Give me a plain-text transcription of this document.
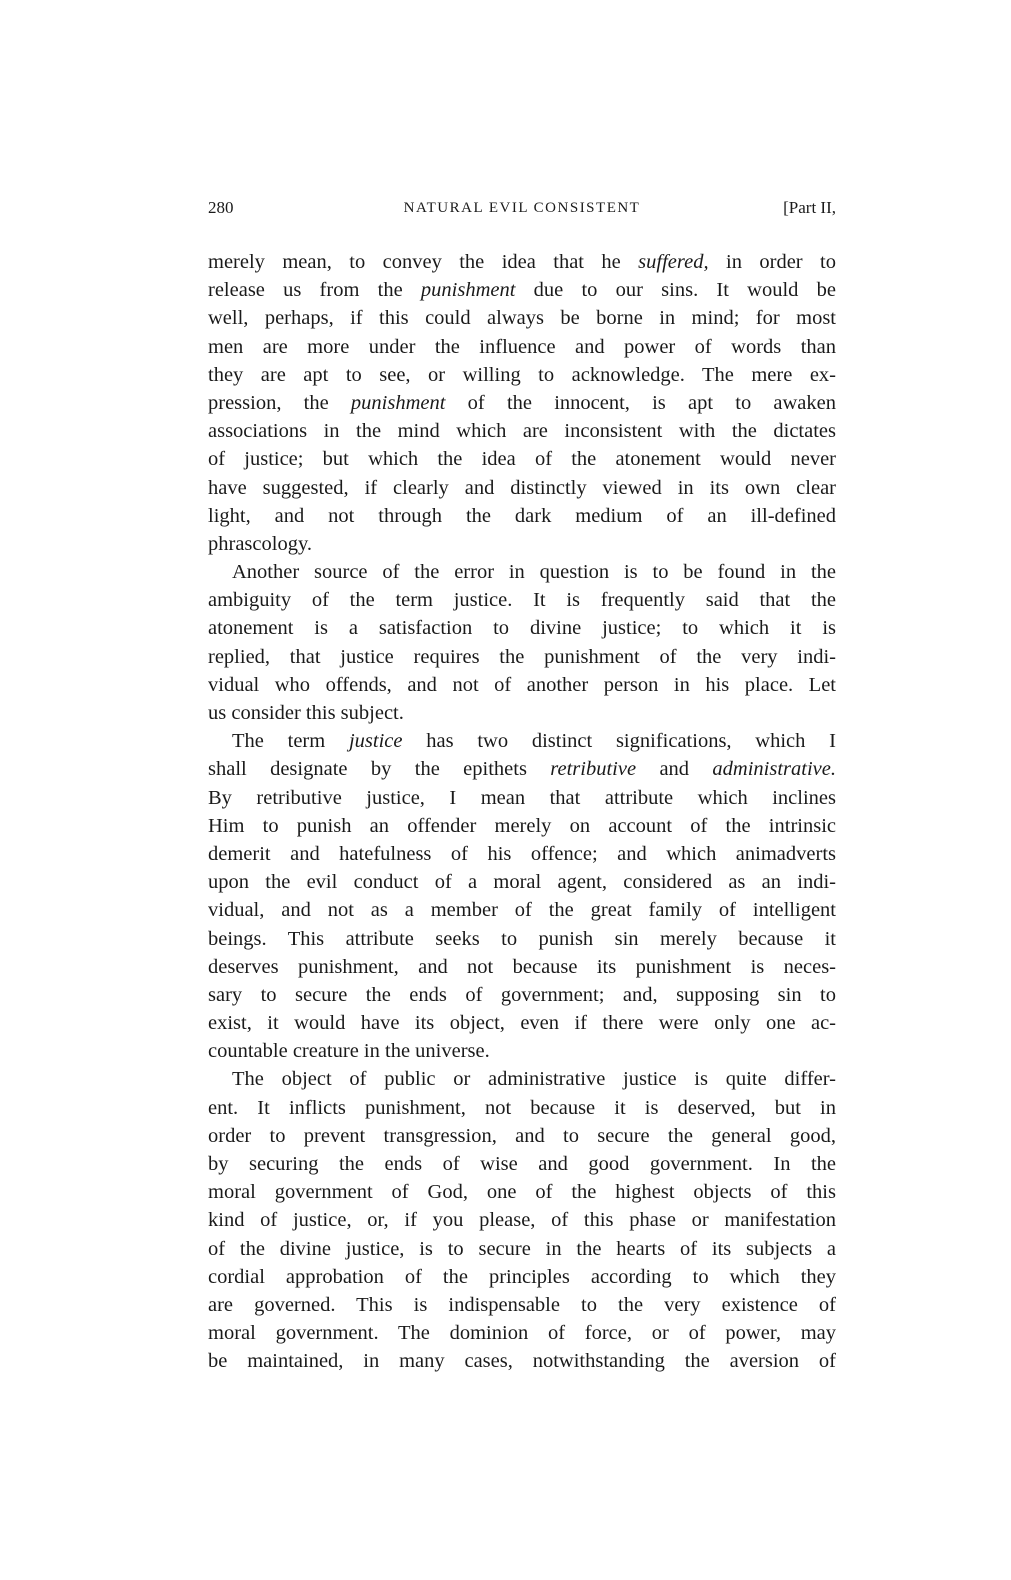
280	NATURAL EVIL CONSISTENT	[Part II,
merely mean, to convey the idea that he suffered, in order to
release us from the punishment due to our sins. It would be
well, perhaps, if this could always be borne in mind; for most
men are more under the influence and power of words than
they are apt to see, or willing to acknowledge. The mere ex-
pression, the punishment of the innocent, is apt to awaken
associations in the mind which are inconsistent with the dictates
of justice; but which the idea of the atonement would never
have suggested, if clearly and distinctly viewed in its own clear
light, and not through the dark medium of an ill-defined
phrascology.
Another source of the error in question is to be found in the
ambiguity of the term justice. It is frequently said that the
atonement is a satisfaction to divine justice; to which it is
replied, that justice requires the punishment of the very indi-
vidual who offends, and not of another person in his place. Let
us consider this subject.
The term justice has two distinct significations, which I
shall designate by the epithets retributive and administrative.
By retributive justice, I mean that attribute which inclines
Him to punish an offender merely on account of the intrinsic
demerit and hatefulness of his offence; and which animadverts
upon the evil conduct of a moral agent, considered as an indi-
vidual, and not as a member of the great family of intelligent
beings. This attribute seeks to punish sin merely because it
deserves punishment, and not because its punishment is neces-
sary to secure the ends of government; and, supposing sin to
exist, it would have its object, even if there were only one ac-
countable creature in the universe.
The object of public or administrative justice is quite differ-
ent. It inflicts punishment, not because it is deserved, but in
order to prevent transgression, and to secure the general good,
by securing the ends of wise and good government. In the
moral government of God, one of the highest objects of this
kind of justice, or, if you please, of this phase or manifestation
of the divine justice, is to secure in the hearts of its subjects a
cordial approbation of the principles according to which they
are governed. This is indispensable to the very existence of
moral government. The dominion of force, or of power, may
be maintained, in many cases, notwithstanding the aversion of
